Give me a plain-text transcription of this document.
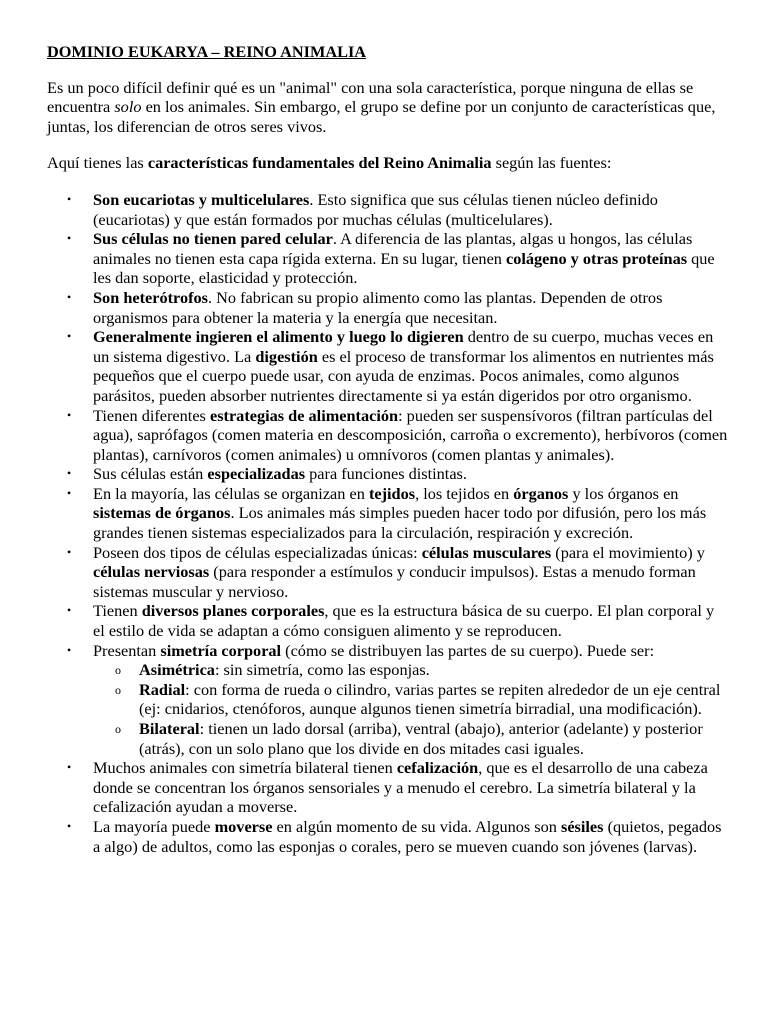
DOMINIO EUKARYA – REINO ANIMALIA

Es un poco difícil definir qué es un "animal" con una sola característica, porque ninguna de ellas se encuentra solo en los animales. Sin embargo, el grupo se define por un conjunto de características que, juntas, los diferencian de otros seres vivos.

Aquí tienes las características fundamentales del Reino Animalia según las fuentes:

• Son eucariotas y multicelulares. Esto significa que sus células tienen núcleo definido (eucariotas) y que están formados por muchas células (multicelulares).
• Sus células no tienen pared celular. A diferencia de las plantas, algas u hongos, las células animales no tienen esta capa rígida externa. En su lugar, tienen colágeno y otras proteínas que les dan soporte, elasticidad y protección.
• Son heterótrofos. No fabrican su propio alimento como las plantas. Dependen de otros organismos para obtener la materia y la energía que necesitan.
• Generalmente ingieren el alimento y luego lo digieren dentro de su cuerpo, muchas veces en un sistema digestivo. La digestión es el proceso de transformar los alimentos en nutrientes más pequeños que el cuerpo puede usar, con ayuda de enzimas. Pocos animales, como algunos parásitos, pueden absorber nutrientes directamente si ya están digeridos por otro organismo.
• Tienen diferentes estrategias de alimentación: pueden ser suspensívoros (filtran partículas del agua), saprófagos (comen materia en descomposición, carroña o excremento), herbívoros (comen plantas), carnívoros (comen animales) u omnívoros (comen plantas y animales).
• Sus células están especializadas para funciones distintas.
• En la mayoría, las células se organizan en tejidos, los tejidos en órganos y los órganos en sistemas de órganos. Los animales más simples pueden hacer todo por difusión, pero los más grandes tienen sistemas especializados para la circulación, respiración y excreción.
• Poseen dos tipos de células especializadas únicas: células musculares (para el movimiento) y células nerviosas (para responder a estímulos y conducir impulsos). Estas a menudo forman sistemas muscular y nervioso.
• Tienen diversos planes corporales, que es la estructura básica de su cuerpo. El plan corporal y el estilo de vida se adaptan a cómo consiguen alimento y se reproducen.
• Presentan simetría corporal (cómo se distribuyen las partes de su cuerpo). Puede ser:
o Asimétrica: sin simetría, como las esponjas.
o Radial: con forma de rueda o cilindro, varias partes se repiten alrededor de un eje central (ej: cnidarios, ctenóforos, aunque algunos tienen simetría birradial, una modificación).
o Bilateral: tienen un lado dorsal (arriba), ventral (abajo), anterior (adelante) y posterior (atrás), con un solo plano que los divide en dos mitades casi iguales.
• Muchos animales con simetría bilateral tienen cefalización, que es el desarrollo de una cabeza donde se concentran los órganos sensoriales y a menudo el cerebro. La simetría bilateral y la cefalización ayudan a moverse.
• La mayoría puede moverse en algún momento de su vida. Algunos son sésiles (quietos, pegados a algo) de adultos, como las esponjas o corales, pero se mueven cuando son jóvenes (larvas).
